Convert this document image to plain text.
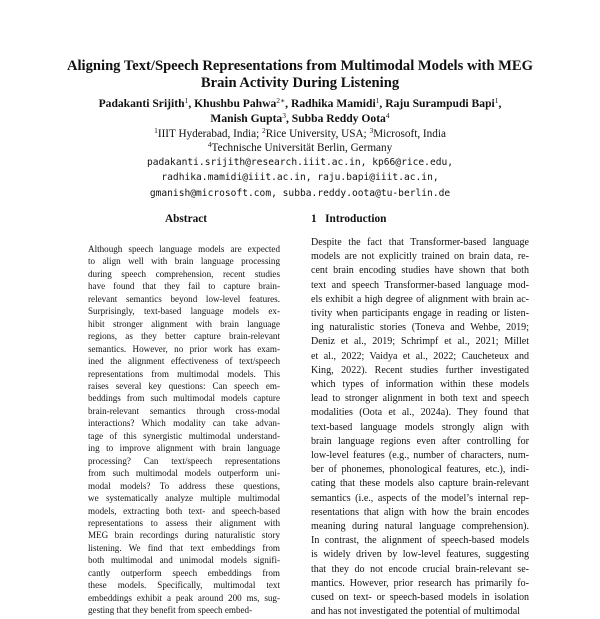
Aligning Text/Speech Representations from Multimodal Models with MEG
Brain Activity During Listening
Padakanti Srijith$^1$, Khushbu Pahwa$^{2∗}$, Radhika Mamidi$^1$, Raju Surampudi Bapi$^1$,
Manish Gupta$^3$, Subba Reddy Oota$^4$
$^1$IIIT Hyderabad, India; $^2$Rice University, USA; $^3$Microsoft, India
$^4$Technische Universität Berlin, Germany
padakanti.srijith@research.iiit.ac.in, kp66@rice.edu,
radhika.mamidi@iiit.ac.in, raju.bapi@iiit.ac.in,
gmanish@microsoft.com, subba.reddy.oota@tu-berlin.de
Abstract
Although speech language models are expected
to align well with brain language processing
during speech comprehension, recent studies
have found that they fail to capture brain-
relevant semantics beyond low-level features.
Surprisingly, text-based language models ex-
hibit stronger alignment with brain language
regions, as they better capture brain-relevant
semantics. However, no prior work has exam-
ined the alignment effectiveness of text/speech
representations from multimodal models. This
raises several key questions: Can speech em-
beddings from such multimodal models capture
brain-relevant semantics through cross-modal
interactions? Which modality can take advan-
tage of this synergistic multimodal understand-
ing to improve alignment with brain language
processing? Can text/speech representations
from such multimodal models outperform uni-
modal models? To address these questions,
we systematically analyze multiple multimodal
models, extracting both text- and speech-based
representations to assess their alignment with
MEG brain recordings during naturalistic story
listening. We find that text embeddings from
both multimodal and unimodal models signifi-
cantly outperform speech embeddings from
these models. Specifically, multimodal text
embeddings exhibit a peak around 200 ms, sug-
gesting that they benefit from speech embed-
1 Introduction
Despite the fact that Transformer-based language
models are not explicitly trained on brain data, re-
cent brain encoding studies have shown that both
text and speech Transformer-based language mod-
els exhibit a high degree of alignment with brain ac-
tivity when participants engage in reading or listen-
ing naturalistic stories (Toneva and Wehbe, 2019;
Deniz et al., 2019; Schrimpf et al., 2021; Millet
et al., 2022; Vaidya et al., 2022; Caucheteux and
King, 2022). Recent studies further investigated
which types of information within these models
lead to stronger alignment in both text and speech
modalities (Oota et al., 2024a). They found that
text-based language models strongly align with
brain language regions even after controlling for
low-level features (e.g., number of characters, num-
ber of phonemes, phonological features, etc.), indi-
cating that these models also capture brain-relevant
semantics (i.e., aspects of the model’s internal rep-
resentations that align with how the brain encodes
meaning during natural language comprehension).
In contrast, the alignment of speech-based models
is widely driven by low-level features, suggesting
that they do not encode crucial brain-relevant se-
mantics. However, prior research has primarily fo-
cused on text- or speech-based models in isolation
and has not investigated the potential of multimodal
